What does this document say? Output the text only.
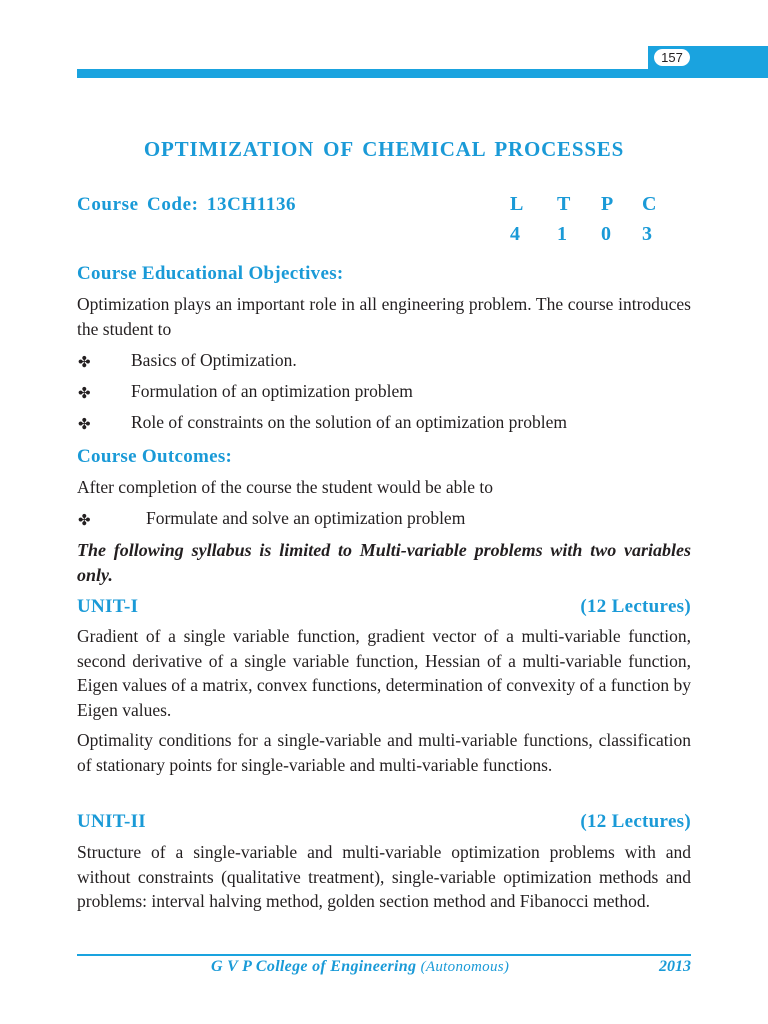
157
OPTIMIZATION OF CHEMICAL PROCESSES
Course Code: 13CH1136	L	T	P	C
4	1	0	3
Course Educational Objectives:
Optimization plays an important role in all engineering problem. The course introduces the student to
✤ Basics of Optimization.
✤ Formulation of an optimization problem
✤ Role of constraints on the solution of an optimization problem
Course Outcomes:
After completion of the course the student would be able to
✤	Formulate and solve an optimization problem
The following syllabus is limited to Multi-variable problems with two variables only.
UNIT-I	(12 Lectures)
Gradient of a single variable function, gradient vector of a multi-variable function, second derivative of a single variable function, Hessian of a multi-variable function, Eigen values of a matrix, convex functions, determination of convexity of a function by Eigen values.
Optimality conditions for a single-variable and multi-variable functions, classification of stationary points for single-variable and multi-variable functions.
UNIT-II	(12 Lectures)
Structure of a single-variable and multi-variable optimization problems with and without constraints (qualitative treatment), single-variable optimization methods and problems: interval halving method, golden section method and Fibanocci method.
G V P College of Engineering (Autonomous)	2013
